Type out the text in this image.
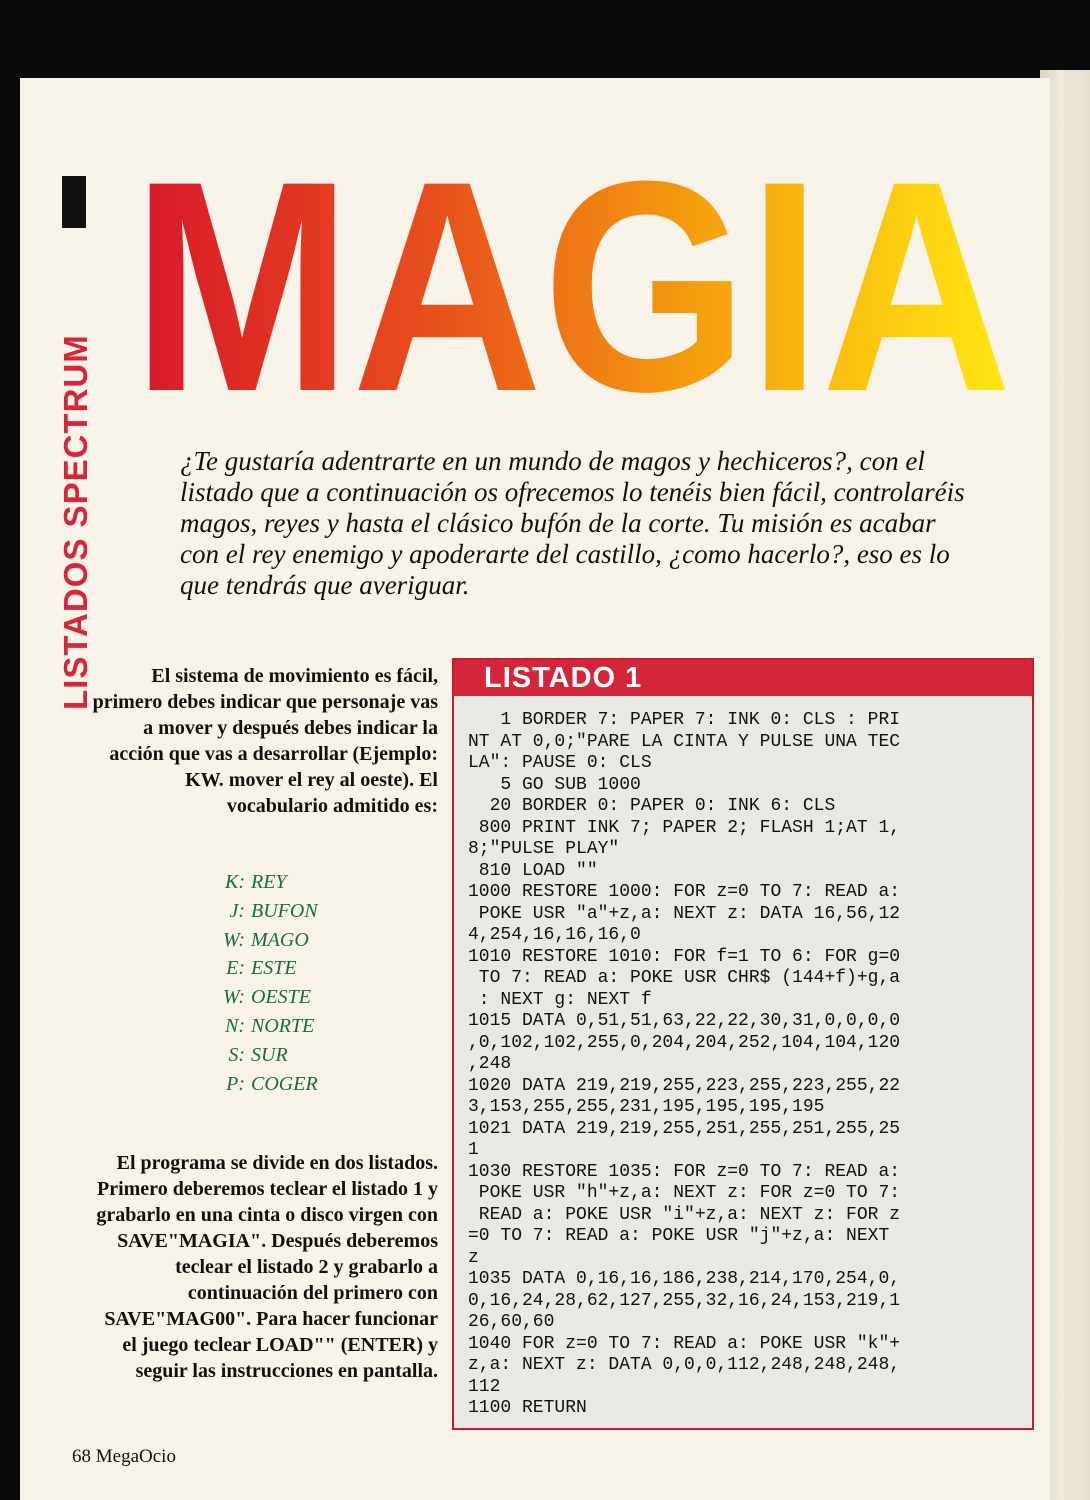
LISTADOS SPECTRUM
MAGIA
¿Te gustaría adentrarte en un mundo de magos y hechiceros?, con el listado que a continuación os ofrecemos lo tenéis bien fácil, controlaréis magos, reyes y hasta el clásico bufón de la corte. Tu misión es acabar con el rey enemigo y apoderarte del castillo, ¿como hacerlo?, eso es lo que tendrás que averiguar.
El sistema de movimiento es fácil, primero debes indicar que personaje vas a mover y después debes indicar la acción que vas a desarrollar (Ejemplo: KW. mover el rey al oeste). El vocabulario admitido es:
K: REY
J: BUFON
W: MAGO
E: ESTE
W: OESTE
N: NORTE
S: SUR
P: COGER
El programa se divide en dos listados. Primero deberemos teclear el listado 1 y grabarlo en una cinta o disco virgen con SAVE"MAGIA". Después deberemos teclear el listado 2 y grabarlo a continuación del primero con SAVE"MAG00". Para hacer funcionar el juego teclear LOAD"" (ENTER) y seguir las instrucciones en pantalla.
LISTADO 1
1 BORDER 7: PAPER 7: INK 0: CLS : PRI
NT AT 0,0;"PARE LA CINTA Y PULSE UNA TEC
LA": PAUSE 0: CLS
5 GO SUB 1000
20 BORDER 0: PAPER 0: INK 6: CLS
800 PRINT INK 7; PAPER 2; FLASH 1;AT 1,
8;"PULSE PLAY"
810 LOAD ""
1000 RESTORE 1000: FOR z=0 TO 7: READ a:
POKE USR "a"+z,a: NEXT z: DATA 16,56,12
4,254,16,16,16,0
1010 RESTORE 1010: FOR f=1 TO 6: FOR g=0
TO 7: READ a: POKE USR CHR$ (144+f)+g,a
: NEXT g: NEXT f
1015 DATA 0,51,51,63,22,22,30,31,0,0,0,0
,0,102,102,255,0,204,204,252,104,104,120
,248
1020 DATA 219,219,255,223,255,223,255,22
3,153,255,255,231,195,195,195,195
1021 DATA 219,219,255,251,255,251,255,25
1
1030 RESTORE 1035: FOR z=0 TO 7: READ a:
POKE USR "h"+z,a: NEXT z: FOR z=0 TO 7:
READ a: POKE USR "i"+z,a: NEXT z: FOR z
=0 TO 7: READ a: POKE USR "j"+z,a: NEXT
z
1035 DATA 0,16,16,186,238,214,170,254,0,
0,16,24,28,62,127,255,32,16,24,153,219,1
26,60,60
1040 FOR z=0 TO 7: READ a: POKE USR "k"+
z,a: NEXT z: DATA 0,0,0,112,248,248,248,
112
1100 RETURN
68 MegaOcio
